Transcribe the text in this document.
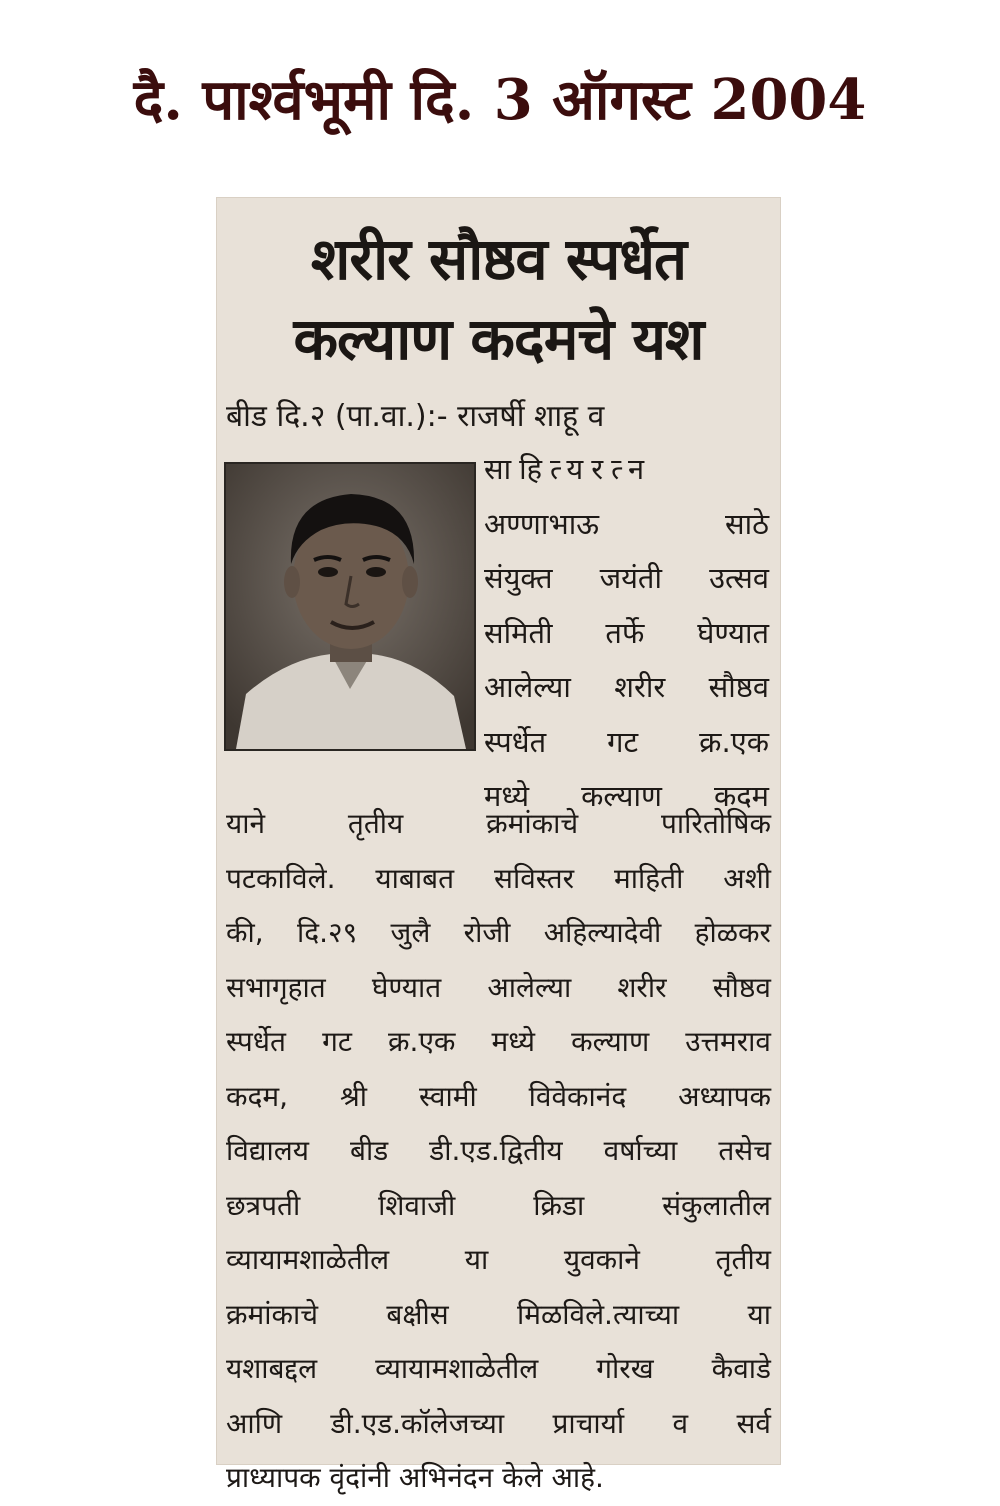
दै. पार्श्वभूमी दि. 3 ऑगस्ट 2004
शरीर सौष्ठव स्पर्धेत
कल्याण कदमचे यश
बीड दि.२ (पा.वा.):- राजर्षी शाहू व
साहित्यरत्न
अण्णाभाऊ साठे
संयुक्त जयंती उत्सव
समिती तर्फे घेण्यात
आलेल्या शरीर सौष्ठव
स्पर्धेत गट क्र.एक
मध्ये कल्याण कदम
याने तृतीय क्रमांकाचे पारितोषिक
पटकाविले. याबाबत सविस्तर माहिती अशी
की, दि.२९ जुलै रोजी अहिल्यादेवी होळकर
सभागृहात घेण्यात आलेल्या शरीर सौष्ठव
स्पर्धेत गट क्र.एक मध्ये कल्याण उत्तमराव
कदम, श्री स्वामी विवेकानंद अध्यापक
विद्यालय बीड डी.एड.द्वितीय वर्षाच्या तसेच
छत्रपती शिवाजी क्रिडा संकुलातील
व्यायामशाळेतील या युवकाने तृतीय
क्रमांकाचे बक्षीस मिळविले.त्याच्या या
यशाबद्दल व्यायामशाळेतील गोरख कैवाडे
आणि डी.एड.कॉलेजच्या प्राचार्या व सर्व
प्राध्यापक वृंदांनी अभिनंदन केले आहे.
